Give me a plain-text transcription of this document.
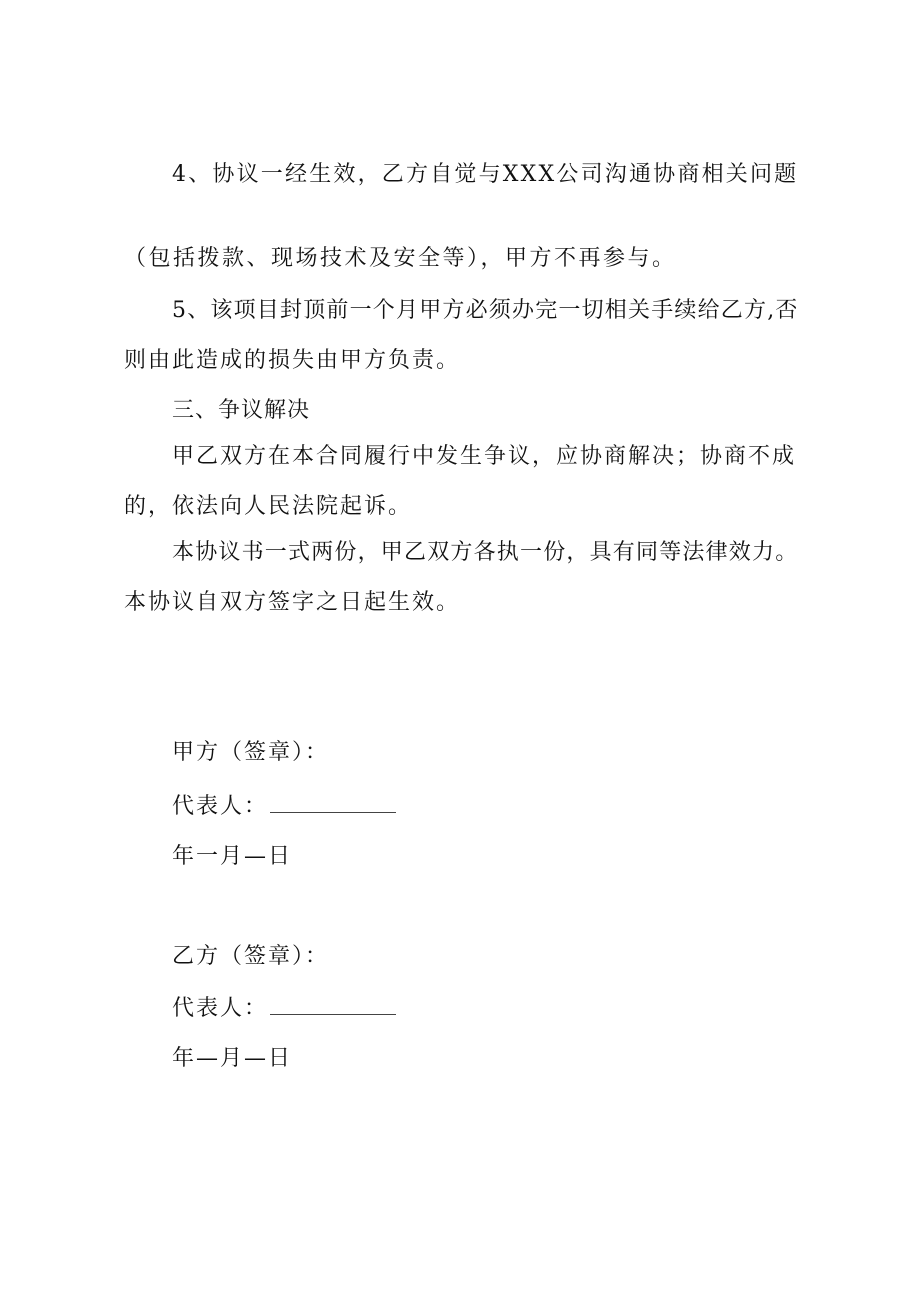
4、协议一经生效，乙方自觉与XXX公司沟通协商相关问题
（包括拨款、现场技术及安全等），甲方不再参与。
5、该项目封顶前一个月甲方必须办完一切相关手续给乙方,否
则由此造成的损失由甲方负责。
三、争议解决
甲乙双方在本合同履行中发生争议，应协商解决；协商不成
的，依法向人民法院起诉。
本协议书一式两份，甲乙双方各执一份，具有同等法律效力。
本协议自双方签字之日起生效。
甲方（签章）：
代表人：
年一月—日
乙方（签章）：
代表人：
年—月—日
